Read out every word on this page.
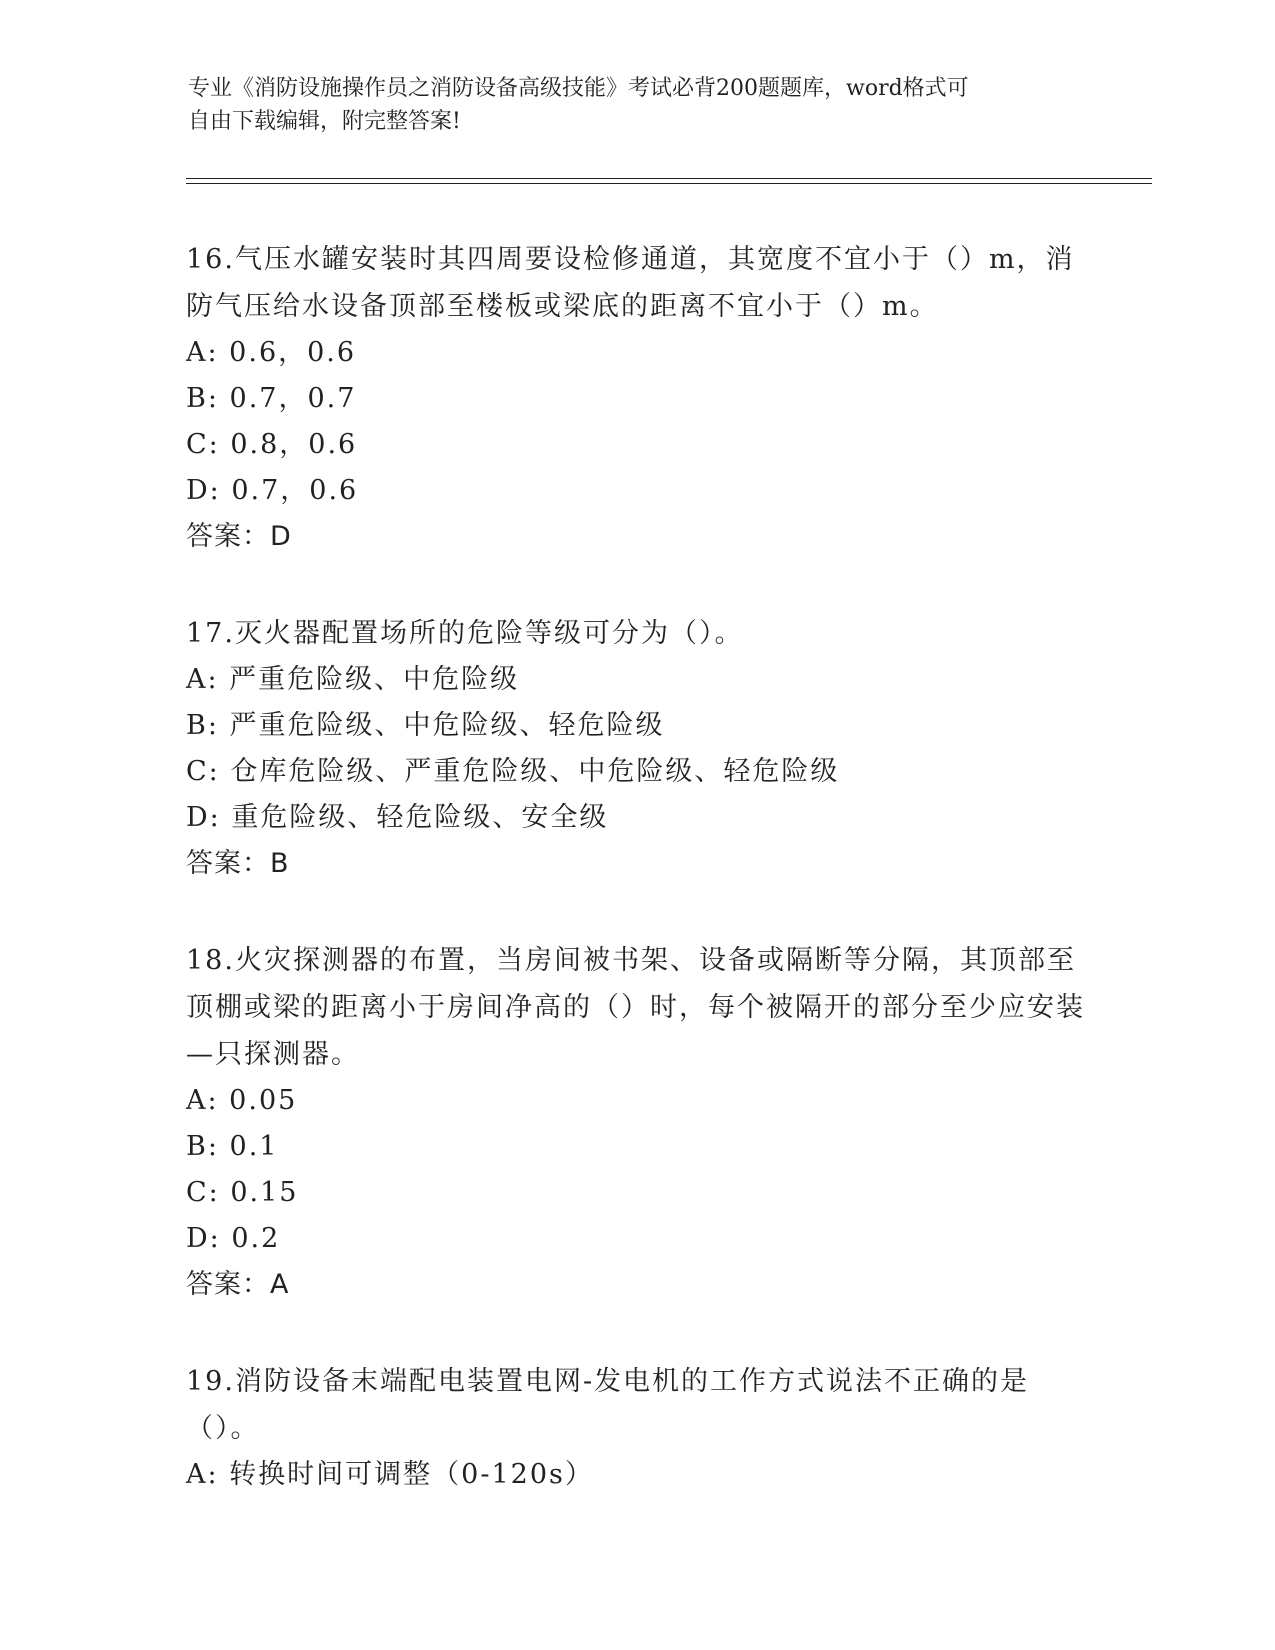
专业《消防设施操作员之消防设备高级技能》考试必背200题题库，word格式可
自由下载编辑，附完整答案!

16.气压水罐安装时其四周要设检修通道，其宽度不宜小于（）m，消防气压给水设备顶部至楼板或梁底的距离不宜小于（）m。

A: 0.6，0.6

B: 0.7，0.7

C: 0.8，0.6

D: 0.7，0.6

答案：D

17.灭火器配置场所的危险等级可分为（）。

A: 严重危险级、中危险级

B: 严重危险级、中危险级、轻危险级

C: 仓库危险级、严重危险级、中危险级、轻危险级

D: 重危险级、轻危险级、安全级

答案：B

18.火灾探测器的布置，当房间被书架、设备或隔断等分隔，其顶部至顶棚或梁的距离小于房间净高的（）时，每个被隔开的部分至少应安装—只探测器。

A: 0.05

B: 0.1

C: 0.15

D: 0.2

答案：A

19.消防设备末端配电装置电网-发电机的工作方式说法不正确的是（）。

A: 转换时间可调整（0-120s）
